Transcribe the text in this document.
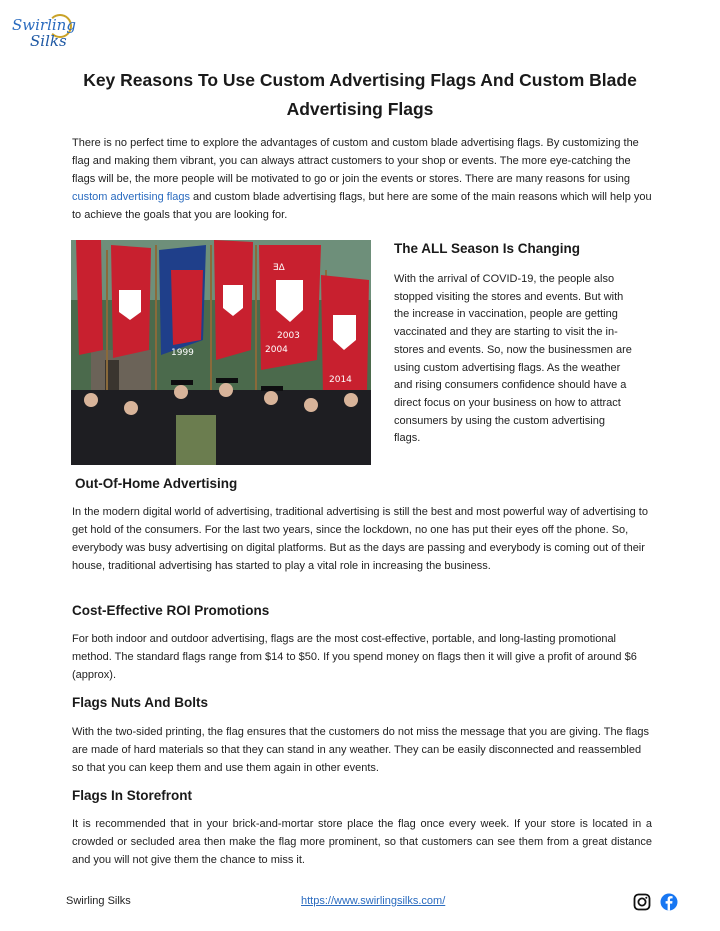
Swirling
Silks
Key Reasons To Use Custom Advertising Flags And Custom Blade Advertising Flags

There is no perfect time to explore the advantages of custom and custom blade advertising flags. By customizing the flag and making them vibrant, you can always attract customers to your shop or events. The more eye-catching the flags will be, the more people will be motivated to go or join the events or stores. There are many reasons for using custom advertising flags and custom blade advertising flags, but here are some of the main reasons which will help you to achieve the goals that you are looking for.

ƎΔ
2003
2004
1999
2014
The ALL Season Is Changing

With the arrival of COVID-19, the people also stopped visiting the stores and events. But with the increase in vaccination, people are getting vaccinated and they are starting to visit the in-stores and events. So, now the businessmen are using custom advertising flags. As the weather and rising consumers confidence should have a direct focus on your business on how to attract consumers by using the custom advertising flags.

Out-Of-Home Advertising

In the modern digital world of advertising, traditional advertising is still the best and most powerful way of advertising to get hold of the consumers. For the last two years, since the lockdown, no one has put their eyes off the phone. So, everybody was busy advertising on digital platforms. But as the days are passing and everybody is coming out of their house, traditional advertising has started to play a vital role in increasing the business.

Cost-Effective ROI Promotions

For both indoor and outdoor advertising, flags are the most cost-effective, portable, and long-lasting promotional method. The standard flags range from $14 to $50. If you spend money on flags then it will give a profit of around $6 (approx).

Flags Nuts And Bolts

With the two-sided printing, the flag ensures that the customers do not miss the message that you are giving. The flags are made of hard materials so that they can stand in any weather. They can be easily disconnected and reassembled so that you can keep them and use them again in other events.

Flags In Storefront

It is recommended that in your brick-and-mortar store place the flag once every week. If your store is located in a crowded or secluded area then make the flag more prominent, so that customers can see them from a great distance and you will not give them the chance to miss it.

Swirling Silks	https://www.swirlingsilks.com/
